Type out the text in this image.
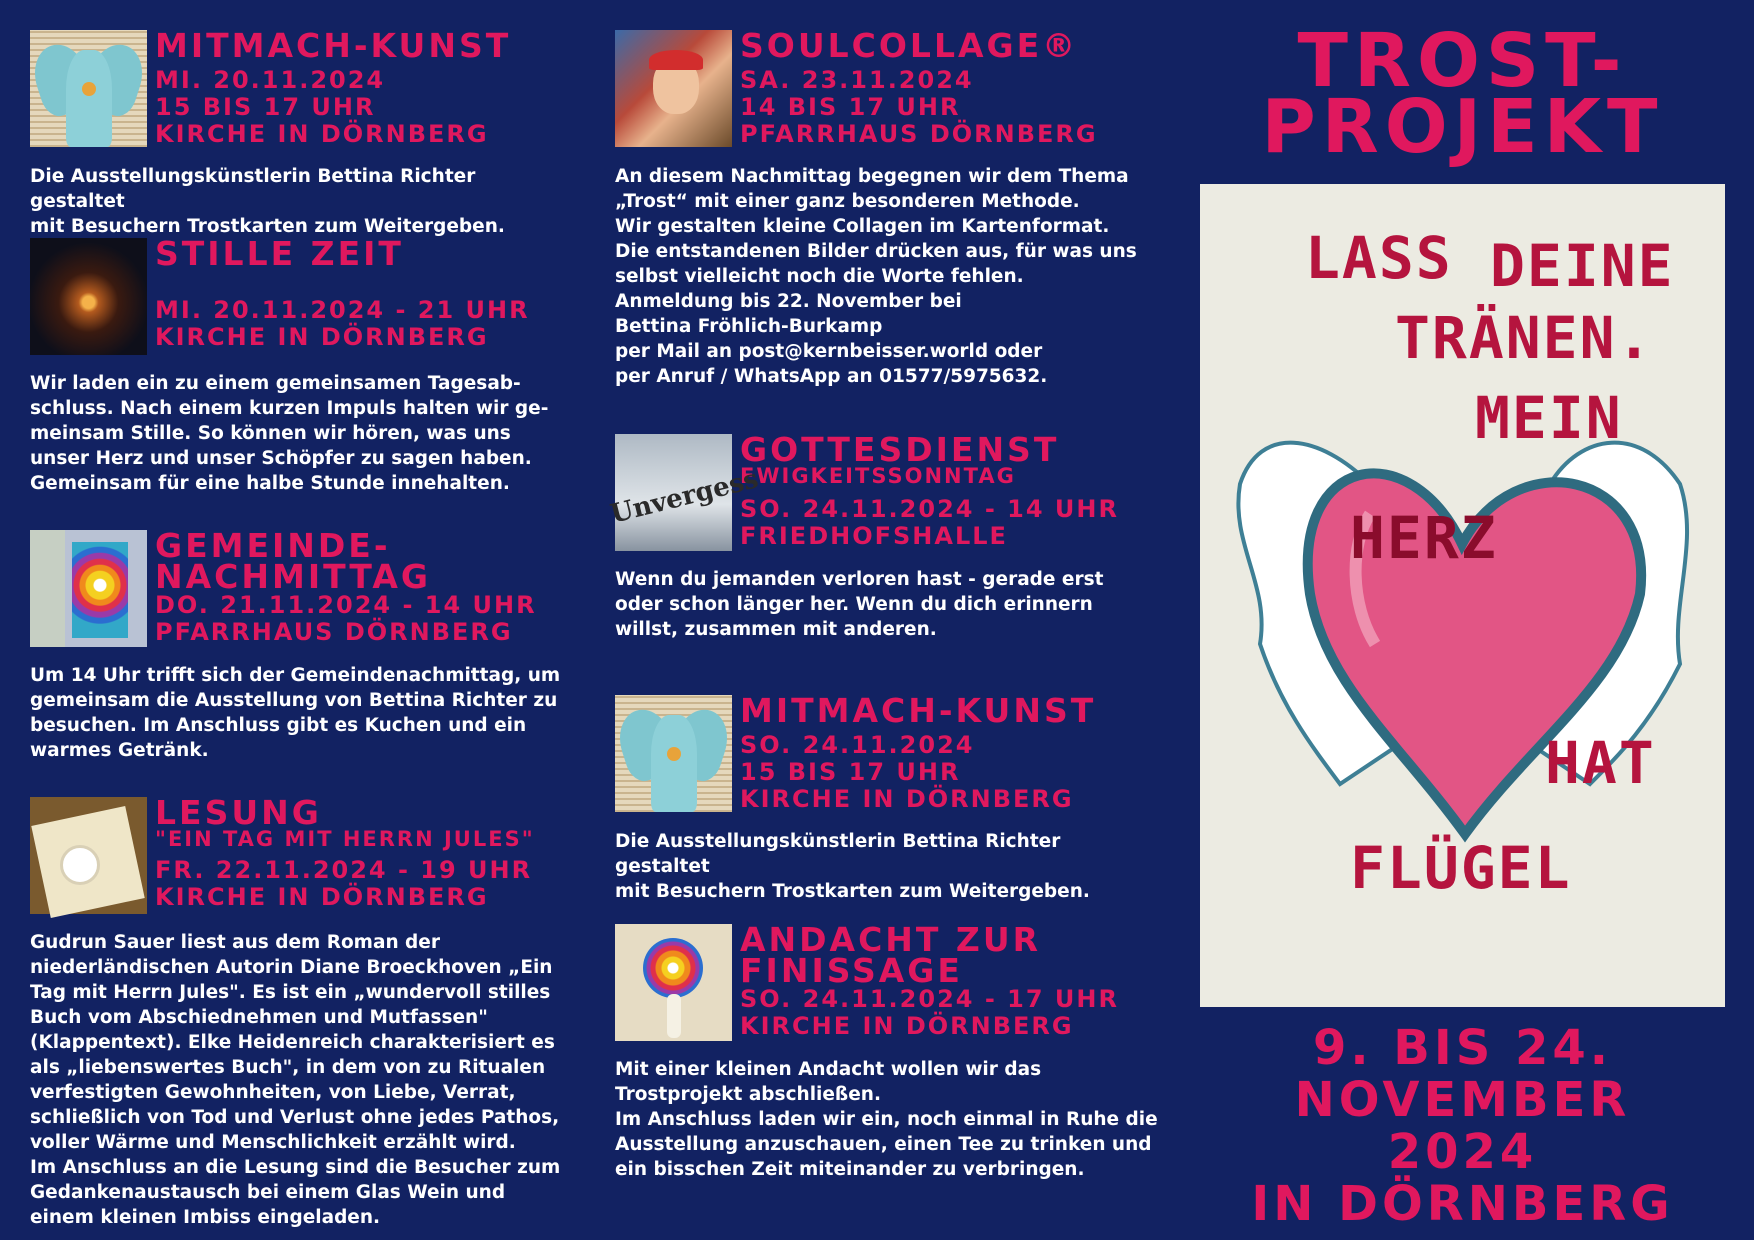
MITMACH-KUNST

MI. 20.11.2024

15 BIS 17 UHR

KIRCHE IN DÖRNBERG

Die Ausstellungskünstlerin Bettina Richter gestaltet
mit Besuchern Trostkarten zum Weitergeben.

STILLE ZEIT

MI. 20.11.2024 - 21 UHR

KIRCHE IN DÖRNBERG

Wir laden ein zu einem gemeinsamen Tagesab-
schluss. Nach einem kurzen Impuls halten wir ge-
meinsam Stille. So können wir hören, was uns
unser Herz und unser Schöpfer zu sagen haben.
Gemeinsam für eine halbe Stunde innehalten.

GEMEINDE-
NACHMITTAG

DO. 21.11.2024 - 14 UHR

PFARRHAUS DÖRNBERG

Um 14 Uhr trifft sich der Gemeindenachmittag, um
gemeinsam die Ausstellung von Bettina Richter zu
besuchen. Im Anschluss gibt es Kuchen und ein
warmes Getränk.

LESUNG

"EIN TAG MIT HERRN JULES"

FR. 22.11.2024 - 19 UHR

KIRCHE IN DÖRNBERG

Gudrun Sauer liest aus dem Roman der
niederländischen Autorin Diane Broeckhoven „Ein
Tag mit Herrn Jules". Es ist ein „wundervoll stilles
Buch vom Abschiednehmen und Mutfassen"
(Klappentext). Elke Heidenreich charakterisiert es
als „liebenswertes Buch", in dem von zu Ritualen
verfestigten Gewohnheiten, von Liebe, Verrat,
schließlich von Tod und Verlust ohne jedes Pathos,
voller Wärme und Menschlichkeit erzählt wird.
Im Anschluss an die Lesung sind die Besucher zum
Gedankenaustausch bei einem Glas Wein und
einem kleinen Imbiss eingeladen.

SOULCOLLAGE®

SA. 23.11.2024

14 BIS 17 UHR

PFARRHAUS DÖRNBERG

An diesem Nachmittag begegnen wir dem Thema
„Trost“ mit einer ganz besonderen Methode.
Wir gestalten kleine Collagen im Kartenformat.
Die entstandenen Bilder drücken aus, für was uns
selbst vielleicht noch die Worte fehlen.
Anmeldung bis 22. November bei
Bettina Fröhlich-Burkamp
per Mail an post@kernbeisser.world oder
per Anruf / WhatsApp an 01577/5975632.

Unvergess

GOTTESDIENST

EWIGKEITSSONNTAG

SO. 24.11.2024 - 14 UHR

FRIEDHOFSHALLE

Wenn du jemanden verloren hast - gerade erst
oder schon länger her. Wenn du dich erinnern
willst, zusammen mit anderen.

MITMACH-KUNST

SO. 24.11.2024

15 BIS 17 UHR

KIRCHE IN DÖRNBERG

Die Ausstellungskünstlerin Bettina Richter gestaltet
mit Besuchern Trostkarten zum Weitergeben.

ANDACHT ZUR
FINISSAGE

SO. 24.11.2024 - 17 UHR

KIRCHE IN DÖRNBERG

Mit einer kleinen Andacht wollen wir das
Trostprojekt abschließen.
Im Anschluss laden wir ein, noch einmal in Ruhe die
Ausstellung anzuschauen, einen Tee zu trinken und
ein bisschen Zeit miteinander zu verbringen.

TROST-
PROJEKT

LASS DEINE
TRÄNEN.
MEIN
HERZ
HAT
FLÜGEL

9. BIS 24.
NOVEMBER
2024
IN DÖRNBERG
